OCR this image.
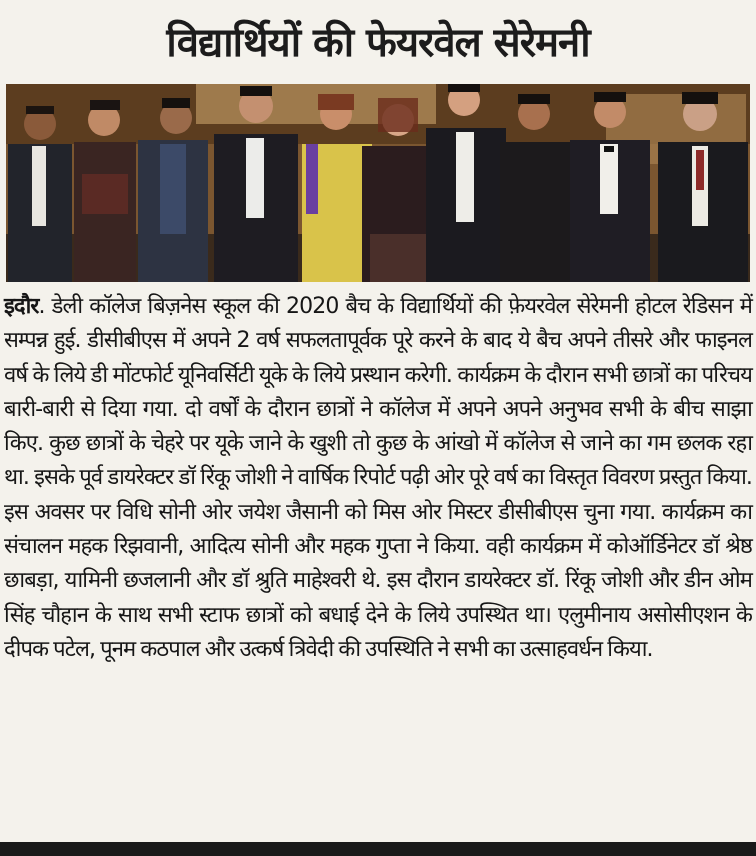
विद्यार्थियों की फेयरवेल सेरेमनी
इदौर. डेली कॉलेज बिज़नेस स्कूल की 2020 बैच के विद्यार्थियों की फ़ेयरवेल सेरेमनी होटल रेडिसन में सम्पन्न हुई. डीसीबीएस में अपने 2 वर्ष सफलतापूर्वक पूरे करने के बाद ये बैच अपने तीसरे और फाइनल वर्ष के लिये डी मोंटफोर्ट यूनिवर्सिटी यूके के लिये प्रस्थान करेगी. कार्यक्रम के दौरान सभी छात्रों का परिचय बारी-बारी से दिया गया. दो वर्षों के दौरान छात्रों ने कॉलेज में अपने अपने अनुभव सभी के बीच साझा किए. कुछ छात्रों के चेहरे पर यूके जाने के खुशी तो कुछ के आंखो में कॉलेज से जाने का गम छलक रहा था. इसके पूर्व डायरेक्टर डॉ रिंकू जोशी ने वार्षिक रिपोर्ट पढ़ी ओर पूरे वर्ष का विस्तृत विवरण प्रस्तुत किया. इस अवसर पर विधि सोनी ओर जयेश जैसानी को मिस ओर मिस्टर डीसीबीएस चुना गया. कार्यक्रम का संचालन महक रिझवानी, आदित्य सोनी और महक गुप्ता ने किया. वही कार्यक्रम में कोऑर्डिनेटर डॉ श्रेष्ठ छाबड़ा, यामिनी छजलानी और डॉ श्रुति माहेश्वरी थे. इस दौरान डायरेक्टर डॉ. रिंकू जोशी और डीन ओम सिंह चौहान के साथ सभी स्टाफ छात्रों को बधाई देने के लिये उपस्थित था। एलुमीनाय असोसीएशन के दीपक पटेल, पूनम कठपाल और उत्कर्ष त्रिवेदी की उपस्थिति ने सभी का उत्साहवर्धन किया.
